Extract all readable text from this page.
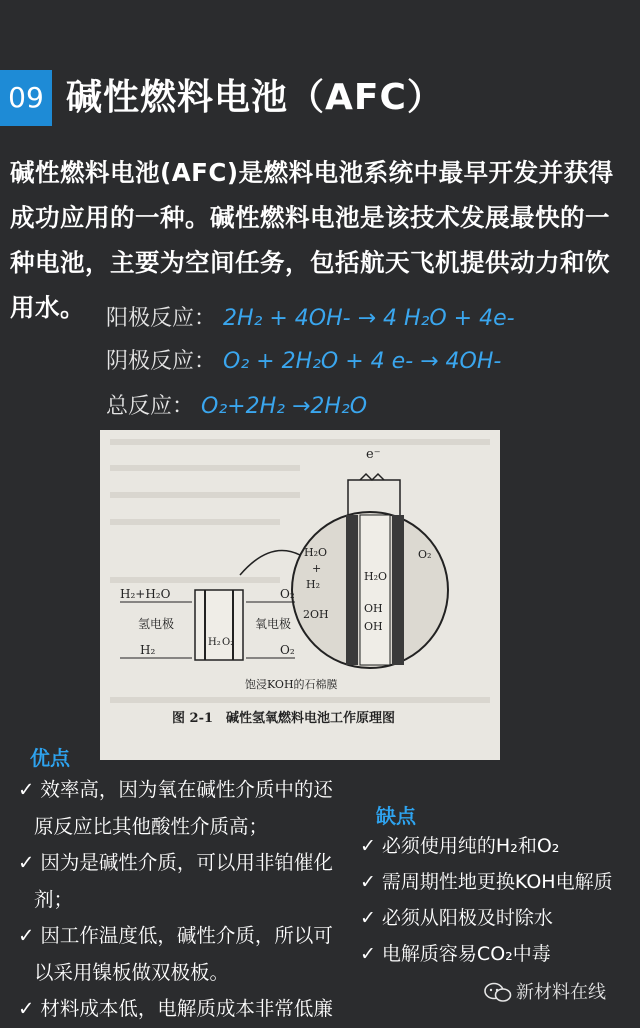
09 碱性燃料电池（AFC）
碱性燃料电池(AFC)是燃料电池系统中最早开发并获得成功应用的一种。碱性燃料电池是该技术发展最快的一种电池，主要为空间任务，包括航天飞机提供动力和饮用水。 阳极反应： 2H₂ + 4OH- → 4 H₂O + 4e-
阴极反应： O₂ + 2H₂O + 4 e- → 4OH-
总反应： O₂+2H₂ →2H₂O
e⁻
H₂O
+
H₂
2OH
O₂
OH
OH
H₂O
H₂ O₂
H₂+H₂O
氢电极	氧电极
H₂
O₂
O₂
饱浸KOH的石棉膜
图 2-1　碱性氢氧燃料电池工作原理图
优点
✓ 效率高，因为氧在碱性介质中的还原反应比其他酸性介质高；
✓ 因为是碱性介质，可以用非铂催化剂；
✓ 因工作温度低，碱性介质，所以可以采用镍板做双极板。
✓ 材料成本低，电解质成本非常低廉
缺点
✓ 必须使用纯的H₂和O₂
✓ 需周期性地更换KOH电解质
✓ 必须从阳极及时除水
✓ 电解质容易CO₂中毒
新材料在线
